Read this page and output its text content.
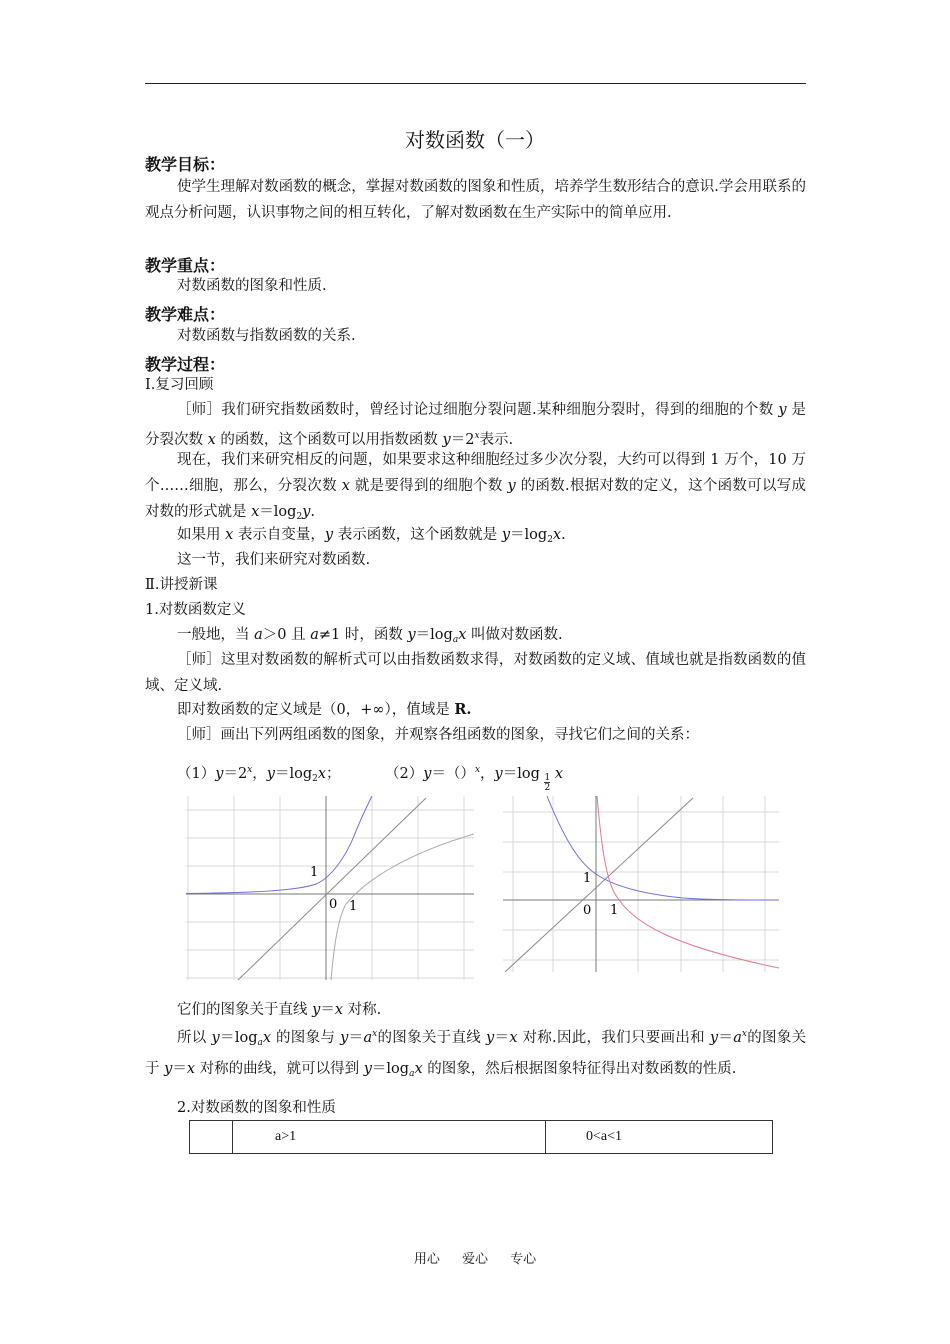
对数函数（一）
教学目标：
使学生理解对数函数的概念，掌握对数函数的图象和性质，培养学生数形结合的意识.学会用联系的观点分析问题，认识事物之间的相互转化，了解对数函数在生产实际中的简单应用.
教学重点：
对数函数的图象和性质.
教学难点：
对数函数与指数函数的关系.
教学过程：
Ⅰ.复习回顾
［师］我们研究指数函数时，曾经讨论过细胞分裂问题.某种细胞分裂时，得到的细胞的个数 y 是分裂次数 x 的函数，这个函数可以用指数函数 $y=2^x$表示.
现在，我们来研究相反的问题，如果要求这种细胞经过多少次分裂，大约可以得到 1 万个，10 万个……细胞，那么，分裂次数 x 就是要得到的细胞个数 y 的函数.根据对数的定义，这个函数可以写成对数的形式就是 $x=\log_2y$.
如果用 x 表示自变量，y 表示函数，这个函数就是 $y=\log_2x$.
这一节，我们来研究对数函数.
Ⅱ.讲授新课
1.对数函数定义
一般地，当 a＞0 且 a≠1 时，函数 $y=\log_ax$ 叫做对数函数.
［师］这里对数函数的解析式可以由指数函数求得，对数函数的定义域、值域也就是指数函数的值域、定义域.
即对数函数的定义域是（0，+∞），值域是 R.
［师］画出下列两组函数的图象，并观察各组函数的图象，寻找它们之间的关系：
$(1)y=2^x$，$y=\log_2x$；	（2）y＝（）$^x$，$y=\log \frac{1}{2}$ x
1
0 1
1
0 1
它们的图象关于直线 y＝x 对称.
所以 $y=\log_ax$ 的图象与 $y=a^x$的图象关于直线 y＝x 对称.因此，我们只要画出和 $y=a^x$的图象关于 y＝x 对称的曲线，就可以得到 $y=\log_ax$ 的图象，然后根据图象特征得出对数函数的性质.
2.对数函数的图象和性质
	a>1	0<a<1
用心 爱心 专心
